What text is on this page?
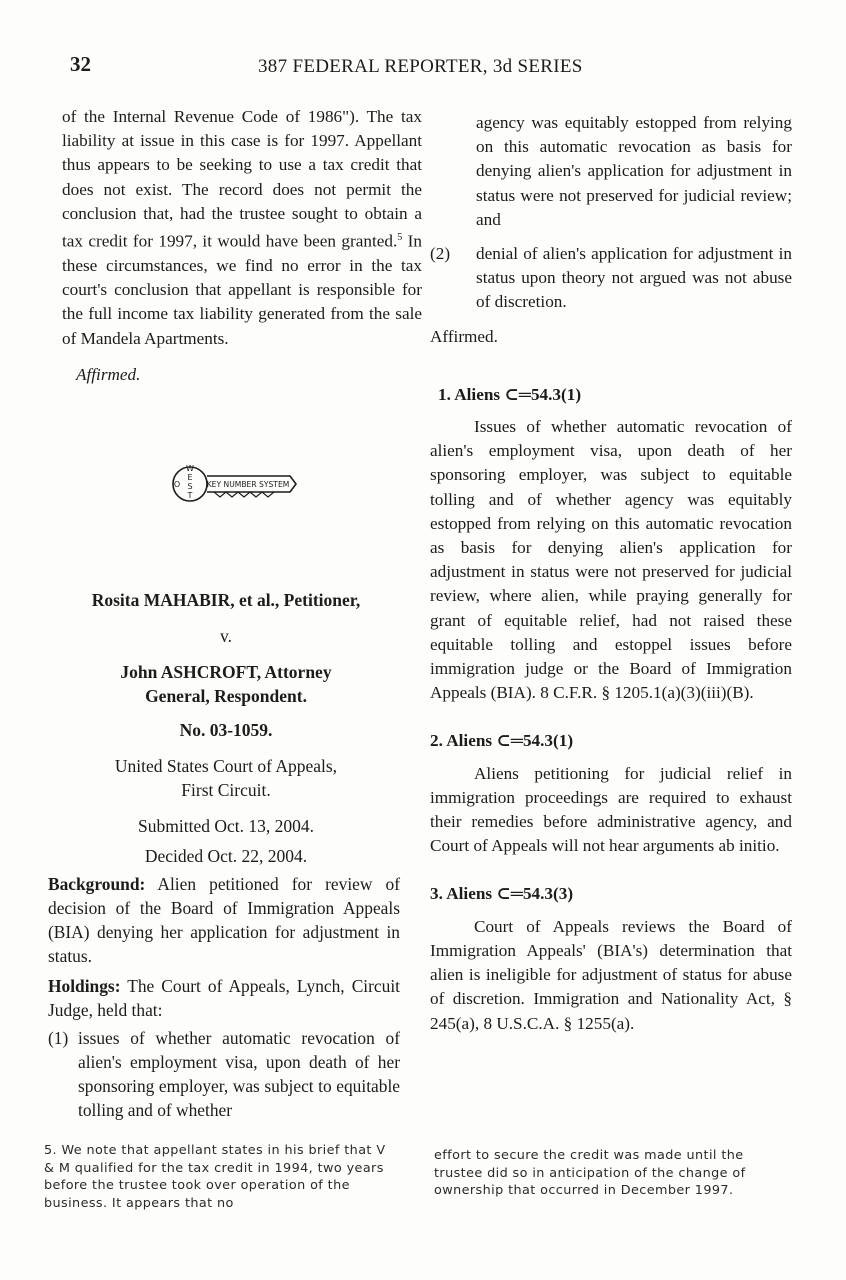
32	387 FEDERAL REPORTER, 3d SERIES

of the Internal Revenue Code of 1986"). The tax liability at issue in this case is for 1997. Appellant thus appears to be seeking to use a tax credit that does not exist. The record does not permit the conclusion that, had the trustee sought to obtain a tax credit for 1997, it would have been granted.$^5$ In these circumstances, we find no error in the tax court's conclusion that appellant is responsible for the full income tax liability generated from the sale of Mandela Apartments.

Affirmed.

W
E
S
T
O	KEY NUMBER SYSTEM
Rosita MAHABIR, et al., Petitioner,
v.
John ASHCROFT, Attorney
General, Respondent.
No. 03-1059.
United States Court of Appeals,
First Circuit.
Submitted Oct. 13, 2004.
Decided Oct. 22, 2004.

Background: Alien petitioned for review of decision of the Board of Immigration Appeals (BIA) denying her application for adjustment in status.

Holdings: The Court of Appeals, Lynch, Circuit Judge, held that:

(1) issues of whether automatic revocation of alien's employment visa, upon death of her sponsoring employer, was subject to equitable tolling and of whether
agency was equitably estopped from relying on this automatic revocation as basis for denying alien's application for adjustment in status were not preserved for judicial review; and
(2)	denial of alien's application for adjustment in status upon theory not argued was not abuse of discretion.

Affirmed.

1. Aliens ⊂═54.3(1)

Issues of whether automatic revocation of alien's employment visa, upon death of her sponsoring employer, was subject to equitable tolling and of whether agency was equitably estopped from relying on this automatic revocation as basis for denying alien's application for adjustment in status were not preserved for judicial review, where alien, while praying generally for grant of equitable relief, had not raised these equitable tolling and estoppel issues before immigration judge or the Board of Immigration Appeals (BIA). 8 C.F.R. § 1205.1(a)(3)(iii)(B).

2. Aliens ⊂═54.3(1)

Aliens petitioning for judicial relief in immigration proceedings are required to exhaust their remedies before administrative agency, and Court of Appeals will not hear arguments ab initio.

3. Aliens ⊂═54.3(3)

Court of Appeals reviews the Board of Immigration Appeals' (BIA's) determination that alien is ineligible for adjustment of status for abuse of discretion. Immigration and Nationality Act, § 245(a), 8 U.S.C.A. § 1255(a).

5. We note that appellant states in his brief that V & M qualified for the tax credit in 1994, two years before the trustee took over operation of the business. It appears that no
effort to secure the credit was made until the trustee did so in anticipation of the change of ownership that occurred in December 1997.
